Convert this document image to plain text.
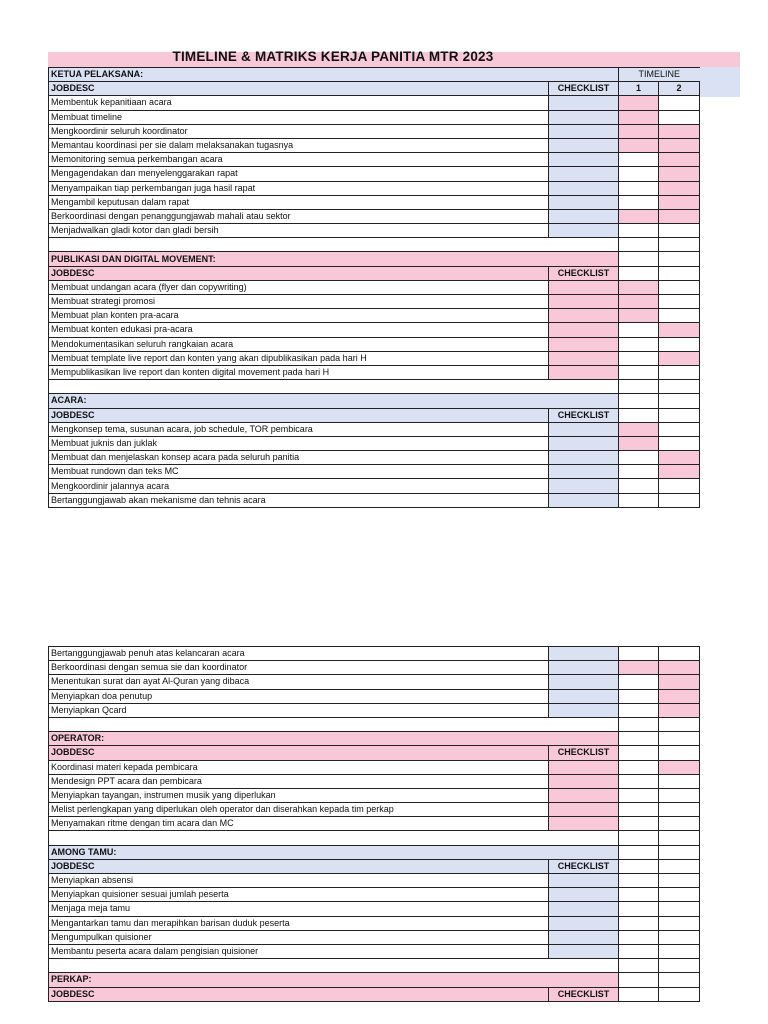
TIMELINE & MATRIKS KERJA PANITIA MTR 2023
KETUA PELAKSANA:		TIMELINE	
JOBDESC	CHECKLIST	1	2
Membentuk kepanitiaan acara			
Membuat timeline			
Mengkoordinir seluruh koordinator			
Memantau koordinasi per sie dalam melaksanakan tugasnya			
Memonitoring semua perkembangan acara			
Mengagendakan dan menyelenggarakan rapat			
Menyampaikan tiap perkembangan juga hasil rapat			
Mengambil keputusan dalam rapat			
Berkoordinasi dengan penanggungjawab mahali atau sektor			
Menjadwalkan gladi kotor dan gladi bersih			

PUBLIKASI DAN DIGITAL MOVEMENT:			
JOBDESC	CHECKLIST		
Membuat undangan acara (flyer dan copywriting)			
Membuat strategi promosi			
Membuat plan konten pra-acara			
Membuat konten edukasi pra-acara			
Mendokumentasikan seluruh rangkaian acara			
Membuat template live report dan konten yang akan dipublikasikan pada hari H			
Mempublikasikan live report dan konten digital movement pada hari H			

ACARA:			
JOBDESC	CHECKLIST		
Mengkonsep tema, susunan acara, job schedule, TOR pembicara			
Membuat juknis dan juklak			
Membuat dan menjelaskan konsep acara pada seluruh panitia			
Membuat rundown dan teks MC			
Mengkoordinir jalannya acara			
Bertanggungjawab akan mekanisme dan tehnis acara			
Bertanggungjawab penuh atas kelancaran acara			
Berkoordinasi dengan semua sie dan koordinator			
Menentukan surat dan ayat Al-Quran yang dibaca			
Menyiapkan doa penutup			
Menyiapkan Qcard			

OPERATOR:			
JOBDESC	CHECKLIST		
Koordinasi materi kepada pembicara			
Mendesign PPT acara dan pembicara			
Menyiapkan tayangan, instrumen musik yang diperlukan			
Melist perlengkapan yang diperlukan oleh operator dan diserahkan kepada tim perkap			
Menyamakan ritme dengan tim acara dan MC			

AMONG TAMU:			
JOBDESC	CHECKLIST		
Menyiapkan absensi			
Menyiapkan quisioner sesuai jumlah peserta			
Menjaga meja tamu			
Mengantarkan tamu dan merapihkan barisan duduk peserta			
Mengumpulkan quisioner			
Membantu peserta acara dalam pengisian quisioner			

PERKAP:			
JOBDESC	CHECKLIST		
